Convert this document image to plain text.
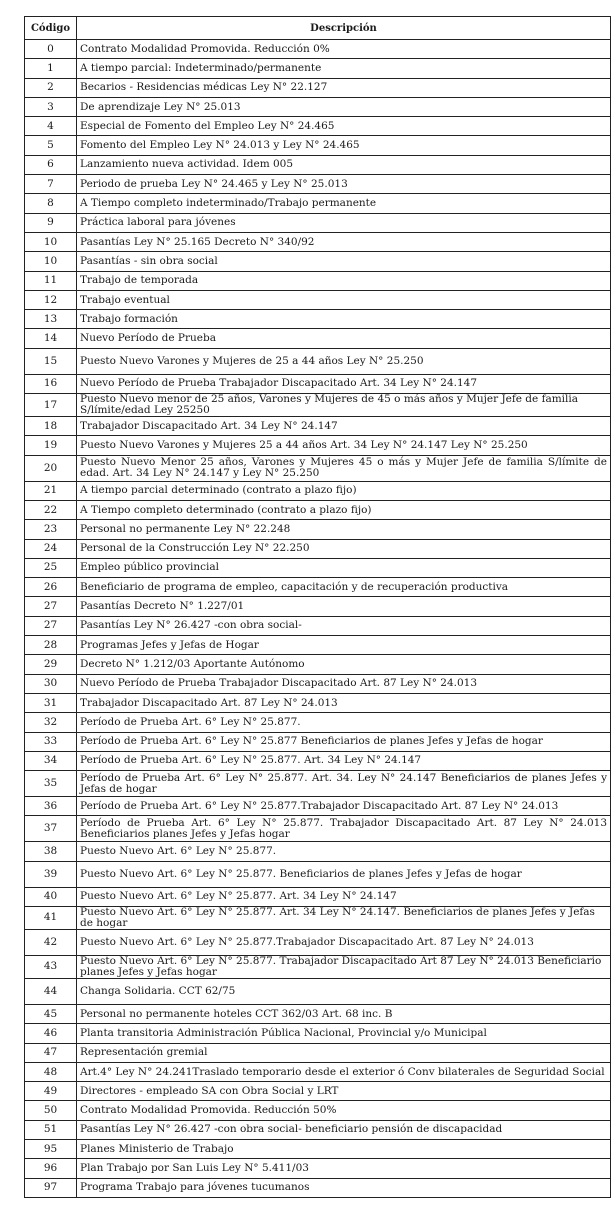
Código	Descripción
0	Contrato Modalidad Promovida. Reducción 0%
1	A tiempo parcial: Indeterminado/permanente
2	Becarios - Residencias médicas Ley N° 22.127
3	De aprendizaje Ley N° 25.013
4	Especial de Fomento del Empleo Ley N° 24.465
5	Fomento del Empleo Ley N° 24.013 y Ley N° 24.465
6	Lanzamiento nueva actividad. Idem 005
7	Periodo de prueba Ley N° 24.465 y Ley N° 25.013
8	A Tiempo completo indeterminado/Trabajo permanente
9	Práctica laboral para jóvenes
10	Pasantías Ley N° 25.165 Decreto N° 340/92
10	Pasantías - sin obra social
11	Trabajo de temporada
12	Trabajo eventual
13	Trabajo formación
14	Nuevo Período de Prueba
15	Puesto Nuevo Varones y Mujeres de 25 a 44 años Ley N° 25.250
16	Nuevo Período de Prueba Trabajador Discapacitado Art. 34 Ley N° 24.147
17	Puesto Nuevo menor de 25 años, Varones y Mujeres de 45 o más años y Mujer Jefe de familia S/límite/edad Ley 25250
18	Trabajador Discapacitado Art. 34 Ley N° 24.147
19	Puesto Nuevo Varones y Mujeres 25 a 44 años Art. 34 Ley N° 24.147 Ley N° 25.250
20	Puesto Nuevo Menor 25 años, Varones y Mujeres 45 o más y Mujer Jefe de familia S/límite de edad. Art. 34 Ley N° 24.147 y Ley N° 25.250
21	A tiempo parcial determinado (contrato a plazo fijo)
22	A Tiempo completo determinado (contrato a plazo fijo)
23	Personal no permanente Ley N° 22.248
24	Personal de la Construcción Ley N° 22.250
25	Empleo público provincial
26	Beneficiario de programa de empleo, capacitación y de recuperación productiva
27	Pasantías Decreto N° 1.227/01
27	Pasantías Ley N° 26.427 -con obra social-
28	Programas Jefes y Jefas de Hogar
29	Decreto N° 1.212/03 Aportante Autónomo
30	Nuevo Período de Prueba Trabajador Discapacitado Art. 87 Ley N° 24.013
31	Trabajador Discapacitado Art. 87 Ley N° 24.013
32	Período de Prueba Art. 6° Ley N° 25.877.
33	Período de Prueba Art. 6° Ley N° 25.877 Beneficiarios de planes Jefes y Jefas de hogar
34	Período de Prueba Art. 6° Ley N° 25.877. Art. 34 Ley N° 24.147
35	Período de Prueba Art. 6° Ley N° 25.877. Art. 34. Ley N° 24.147 Beneficiarios de planes Jefes y Jefas de hogar
36	Período de Prueba Art. 6° Ley N° 25.877.Trabajador Discapacitado Art. 87 Ley N° 24.013
37	Período de Prueba Art. 6° Ley N° 25.877. Trabajador Discapacitado Art. 87 Ley N° 24.013 Beneficiarios planes Jefes y Jefas hogar
38	Puesto Nuevo Art. 6° Ley N° 25.877.
39	Puesto Nuevo Art. 6° Ley N° 25.877. Beneficiarios de planes Jefes y Jefas de hogar
40	Puesto Nuevo Art. 6° Ley N° 25.877. Art. 34 Ley N° 24.147
41	Puesto Nuevo Art. 6° Ley N° 25.877. Art. 34 Ley N° 24.147. Beneficiarios de planes Jefes y Jefas de hogar
42	Puesto Nuevo Art. 6° Ley N° 25.877.Trabajador Discapacitado Art. 87 Ley N° 24.013
43	Puesto Nuevo Art. 6° Ley N° 25.877. Trabajador Discapacitado Art 87 Ley N° 24.013 Beneficiario planes Jefes y Jefas hogar
44	Changa Solidaria. CCT 62/75
45	Personal no permanente hoteles CCT 362/03 Art. 68 inc. B
46	Planta transitoria Administración Pública Nacional, Provincial y/o Municipal
47	Representación gremial
48	Art.4° Ley N° 24.241Traslado temporario desde el exterior ó Conv bilaterales de Seguridad Social
49	Directores - empleado SA con Obra Social y LRT
50	Contrato Modalidad Promovida. Reducción 50%
51	Pasantías Ley N° 26.427 -con obra social- beneficiario pensión de discapacidad
95	Planes Ministerio de Trabajo
96	Plan Trabajo por San Luis Ley N° 5.411/03
97	Programa Trabajo para jóvenes tucumanos
